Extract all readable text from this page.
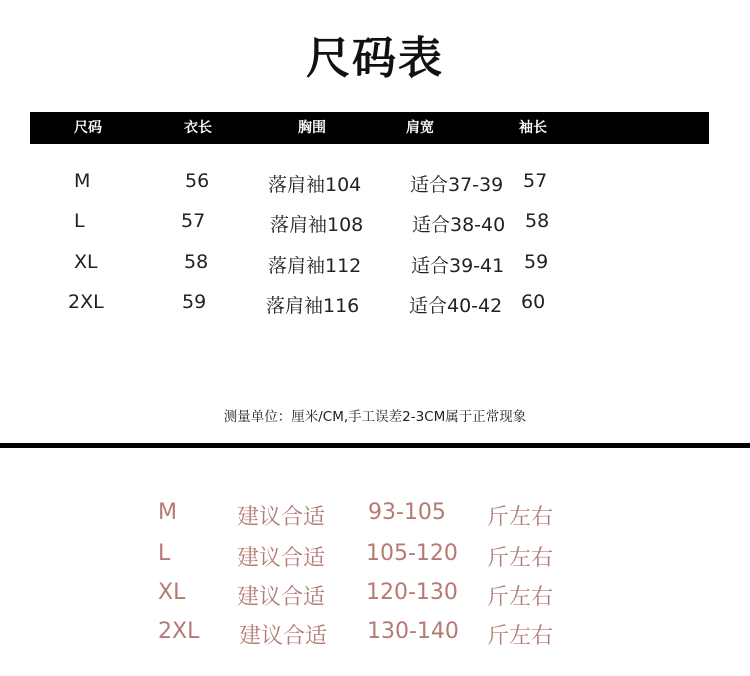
尺码表
尺码	衣长	胸围	肩宽	袖长
M	56	落肩袖104	适合37-39 57
L	57	落肩袖108	适合38-40 58
XL	58	落肩袖112	适合39-41 59
2XL	59	落肩袖116	适合40-42 60
测量单位：厘米/CM,手工误差2-3CM属于正常现象
M	建议合适 93-105 斤左右
L	建议合适 105-120 斤左右
XL 建议合适 120-130 斤左右
2XL 建议合适 130-140 斤左右
